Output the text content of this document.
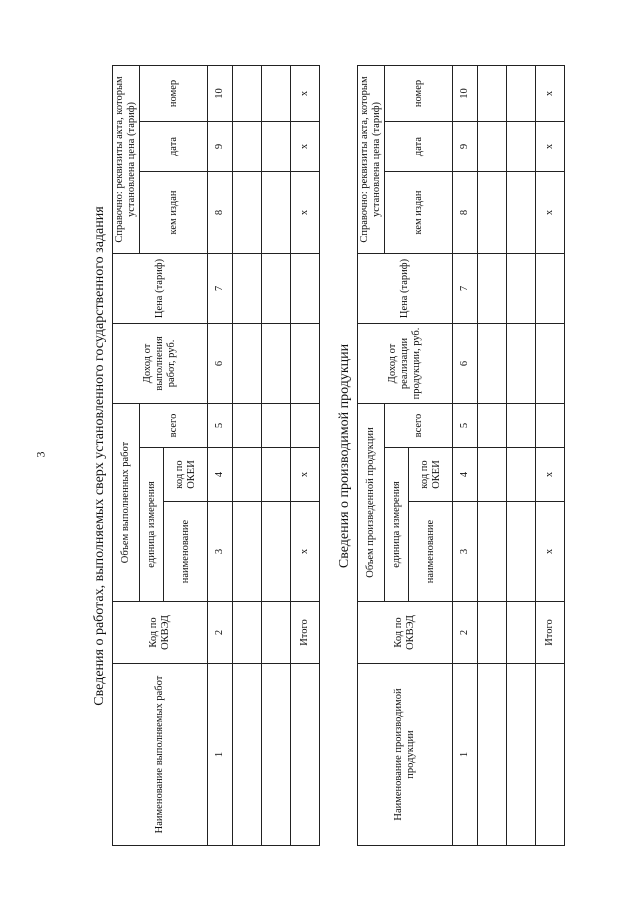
3	Сведения о работах, выполняемых сверх установленного государственного задания
Наименование выполняемых работ	Код по ОКВЭД	Объем выполненных работ			Доход от выполнения работ, руб.	Цена (тариф)	Справочно: реквизиты акта, которым установлена цена (тариф)		
		единица измерения		всего			кем издан	дата	номер
		наименование	код по ОКЕИ						
1	2	3	4	5	6	7	8	9	10

	Итого	x	x				x	x	x
Сведения о производимой продукции
Наименование производимой продукции	Код по ОКВЭД	Объем произведенной продукции			Доход от реализации продукции, руб.	Цена (тариф)	Справочно: реквизиты акта, которым установлена цена (тариф)		
		единица измерения		всего			кем издан	дата	номер
		наименование	код по ОКЕИ						
1	2	3	4	5	6	7	8	9	10

	Итого	x	x				x	x	x
